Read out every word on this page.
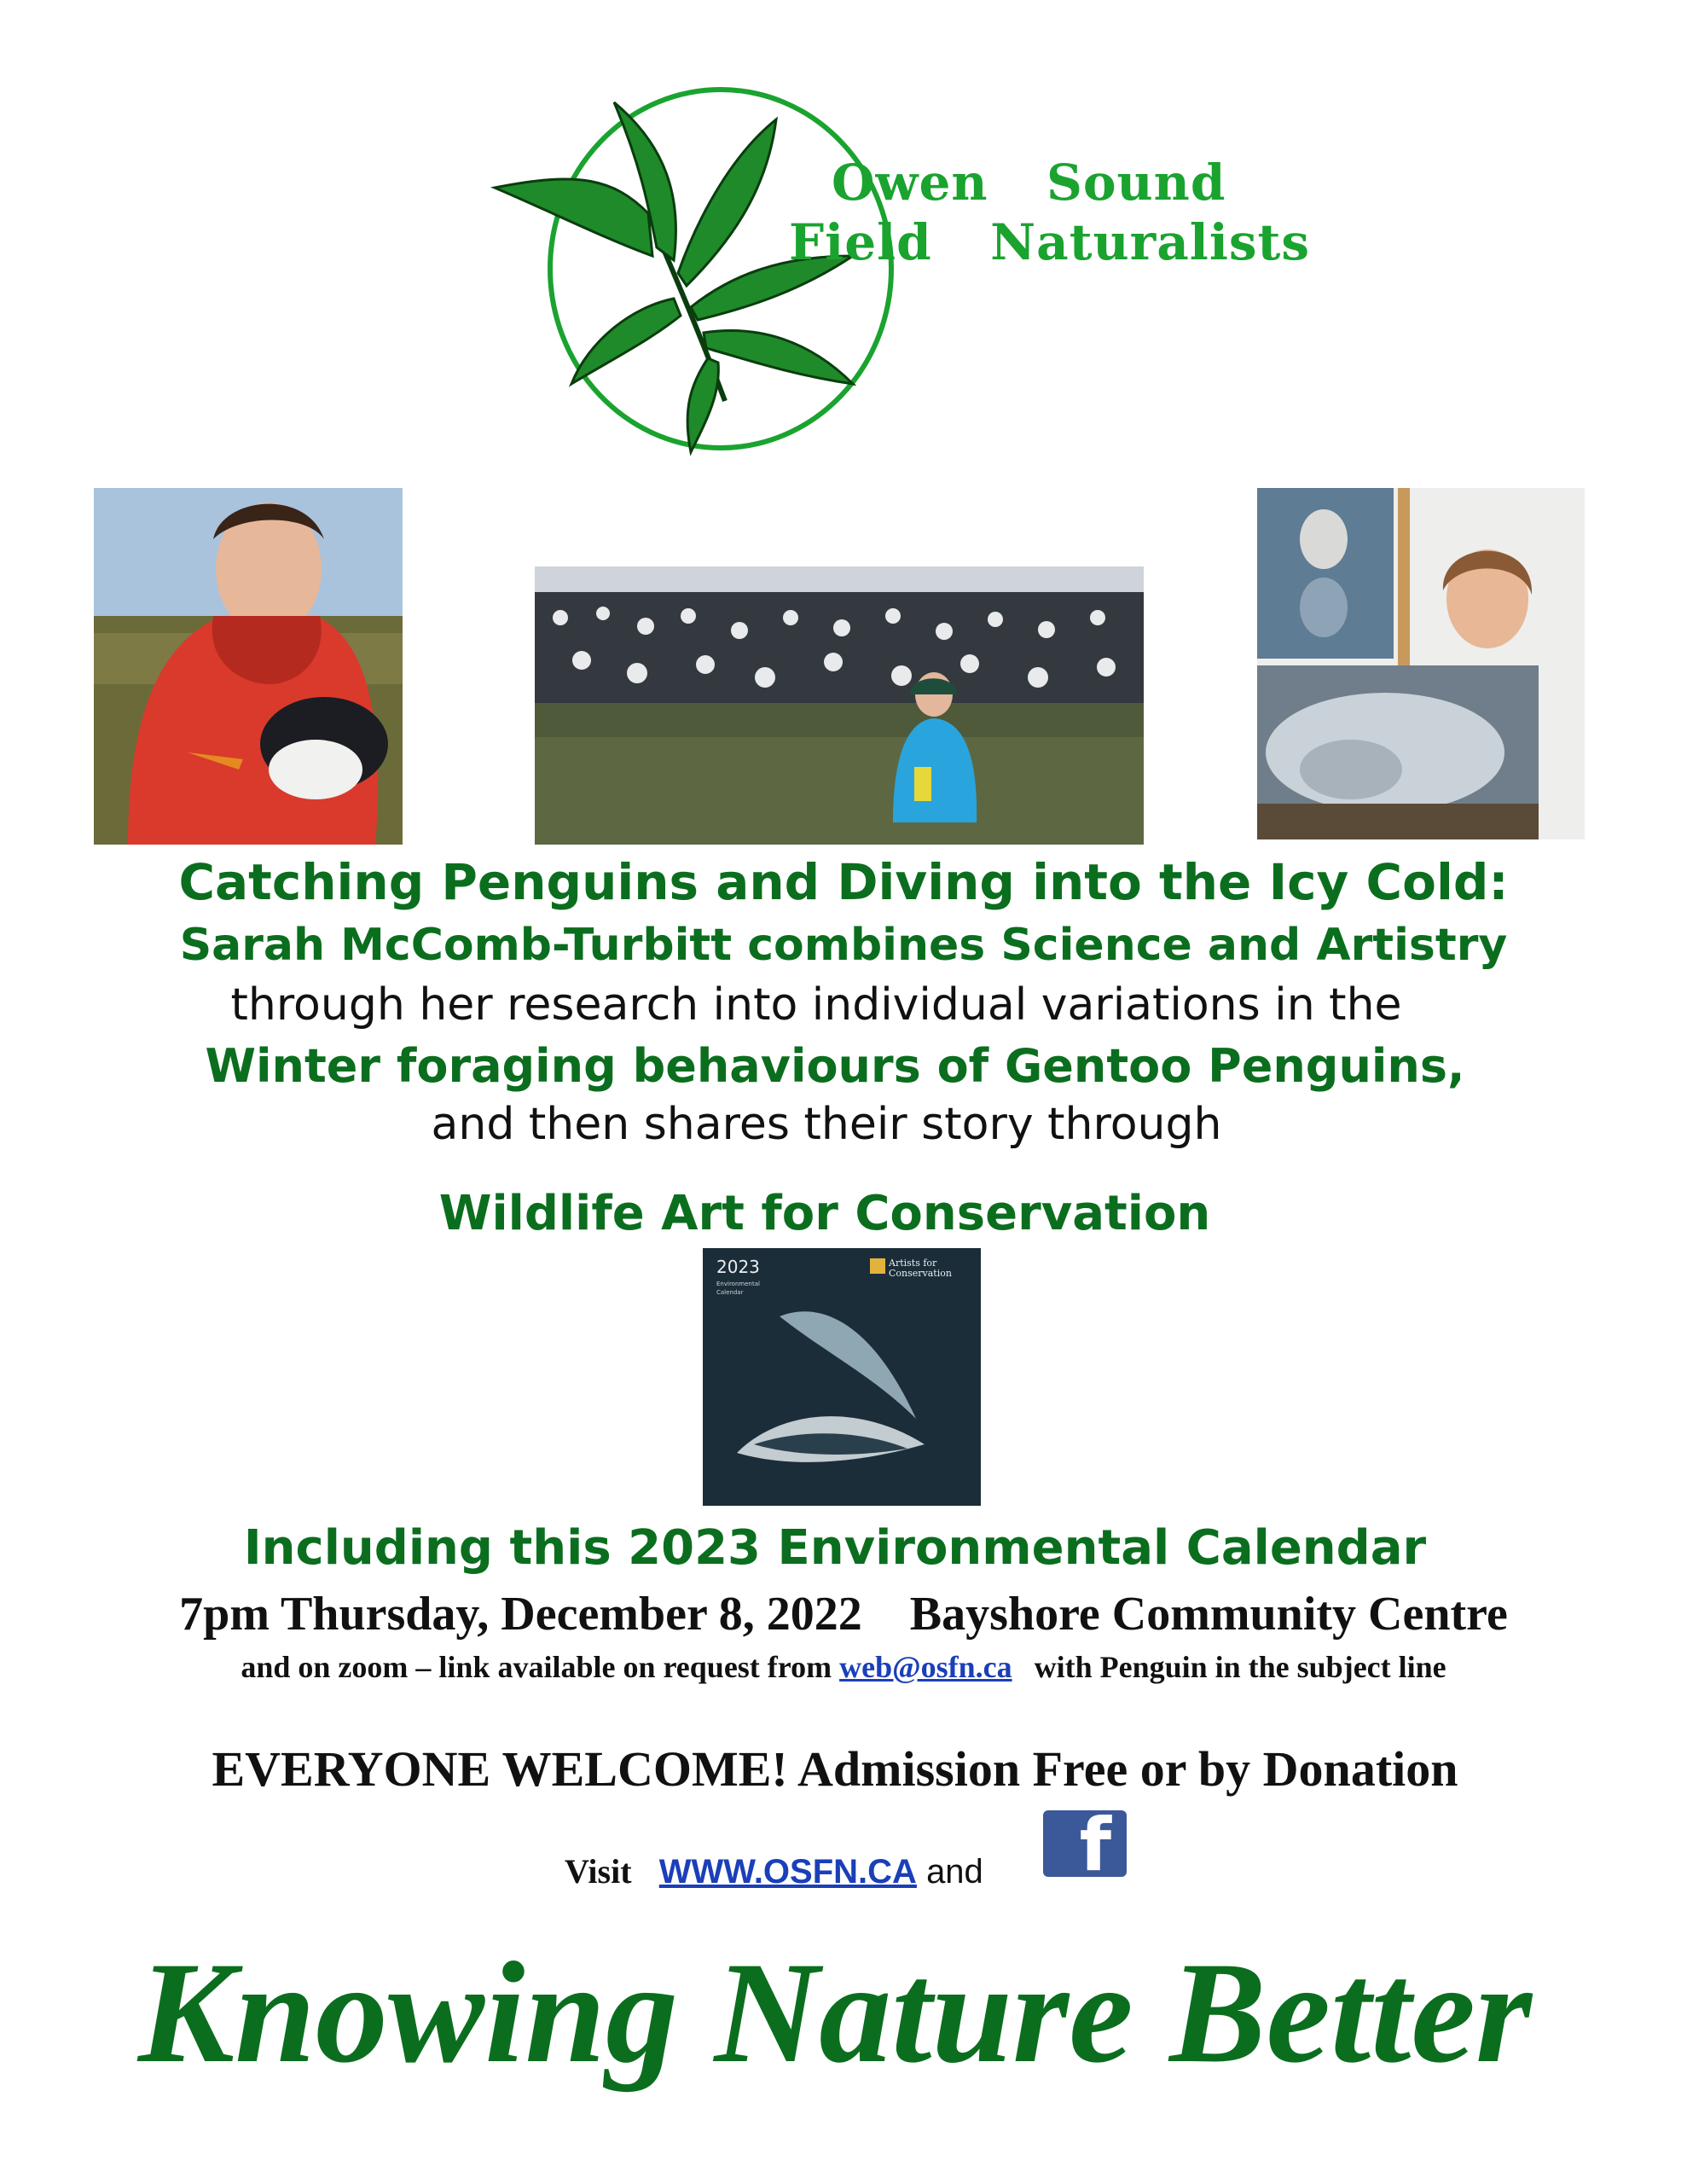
Owen Sound
Field Naturalists
Catching Penguins and Diving into the Icy Cold:
Sarah McComb-Turbitt combines Science and Artistry
through her research into individual variations in the
Winter foraging behaviours of Gentoo Penguins,
and then shares their story through
Wildlife Art for Conservation
2023
Environmental
Calendar
Artists for
Conservation
Including this 2023 Environmental Calendar
7pm Thursday, December 8, 2022 Bayshore Community Centre
and on zoom – link available on request from web@osfn.ca with Penguin in the subject line
EVERYONE WELCOME! Admission Free or by Donation
Visit WWW.OSFN.CA and f
Knowing Nature Better
